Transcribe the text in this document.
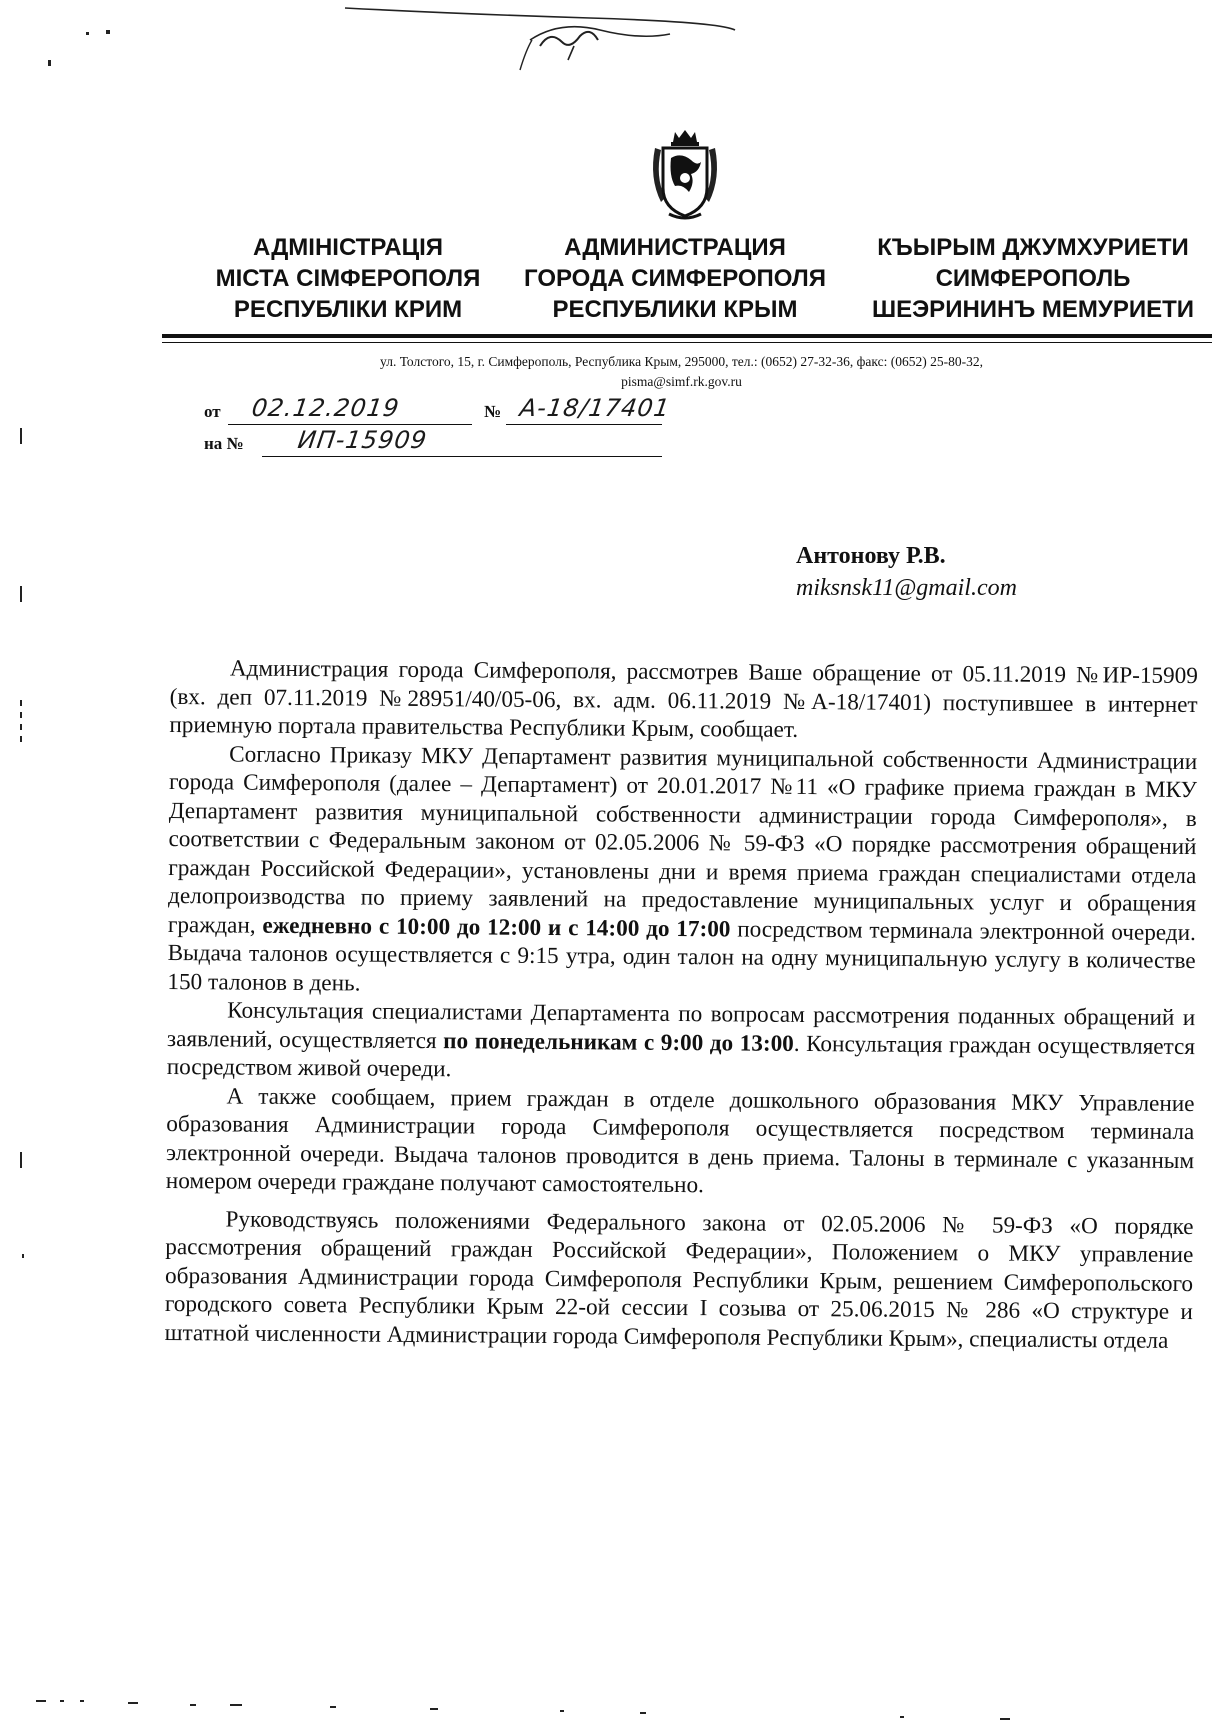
АДМІНІСТРАЦІЯ
МІСТА СІМФЕРОПОЛЯ
РЕСПУБЛІКИ КРИМ
АДМИНИСТРАЦИЯ
ГОРОДА СИМФЕРОПОЛЯ
РЕСПУБЛИКИ КРЫМ
КЪЫРЫМ ДЖУМХУРИЕТИ
СИМФЕРОПОЛЬ
ШЕЭРИНИНЪ МЕМУРИЕТИ
ул. Толстого, 15, г. Симферополь, Республика Крым, 295000, тел.: (0652) 27-32-36, факс: (0652) 25-80-32,
pisma@simf.rk.gov.ru
от 02.12.2019	№ А-18/17401
на № ИП-15909
Антонову Р.В.
miksnsk11@gmail.com

Администрация города Симферополя, рассмотрев Ваше обращение от 05.11.2019 №ИР-15909 (вх. деп 07.11.2019 №28951/40/05-06, вх. адм. 06.11.2019 №А-18/17401) поступившее в интернет приемную портала правительства Республики Крым, сообщает.

Согласно Приказу МКУ Департамент развития муниципальной собственности Администрации города Симферополя (далее – Департамент) от 20.01.2017 №11 «О графике приема граждан в МКУ Департамент развития муниципальной собственности администрации города Симферополя», в соответствии с Федеральным законом от 02.05.2006 № 59-ФЗ «О порядке рассмотрения обращений граждан Российской Федерации», установлены дни и время приема граждан специалистами отдела делопроизводства по приему заявлений на предоставление муниципальных услуг и обращения граждан, ежедневно с 10:00 до 12:00 и с 14:00 до 17:00 посредством терминала электронной очереди. Выдача талонов осуществляется с 9:15 утра, один талон на одну муниципальную услугу в количестве 150 талонов в день.

Консультация специалистами Департамента по вопросам рассмотрения поданных обращений и заявлений, осуществляется по понедельникам с 9:00 до 13:00. Консультация граждан осуществляется посредством живой очереди.

А также сообщаем, прием граждан в отделе дошкольного образования МКУ Управление образования Администрации города Симферополя осуществляется посредством терминала электронной очереди. Выдача талонов проводится в день приема. Талоны в терминале с указанным номером очереди граждане получают самостоятельно.

Руководствуясь положениями Федерального закона от 02.05.2006 № 59-ФЗ «О порядке рассмотрения обращений граждан Российской Федерации», Положением о МКУ управление образования Администрации города Симферополя Республики Крым, решением Симферопольского городского совета Республики Крым 22-ой сессии I созыва от 25.06.2015 № 286 «О структуре и штатной численности Администрации города Симферополя Республики Крым», специалисты отдела
